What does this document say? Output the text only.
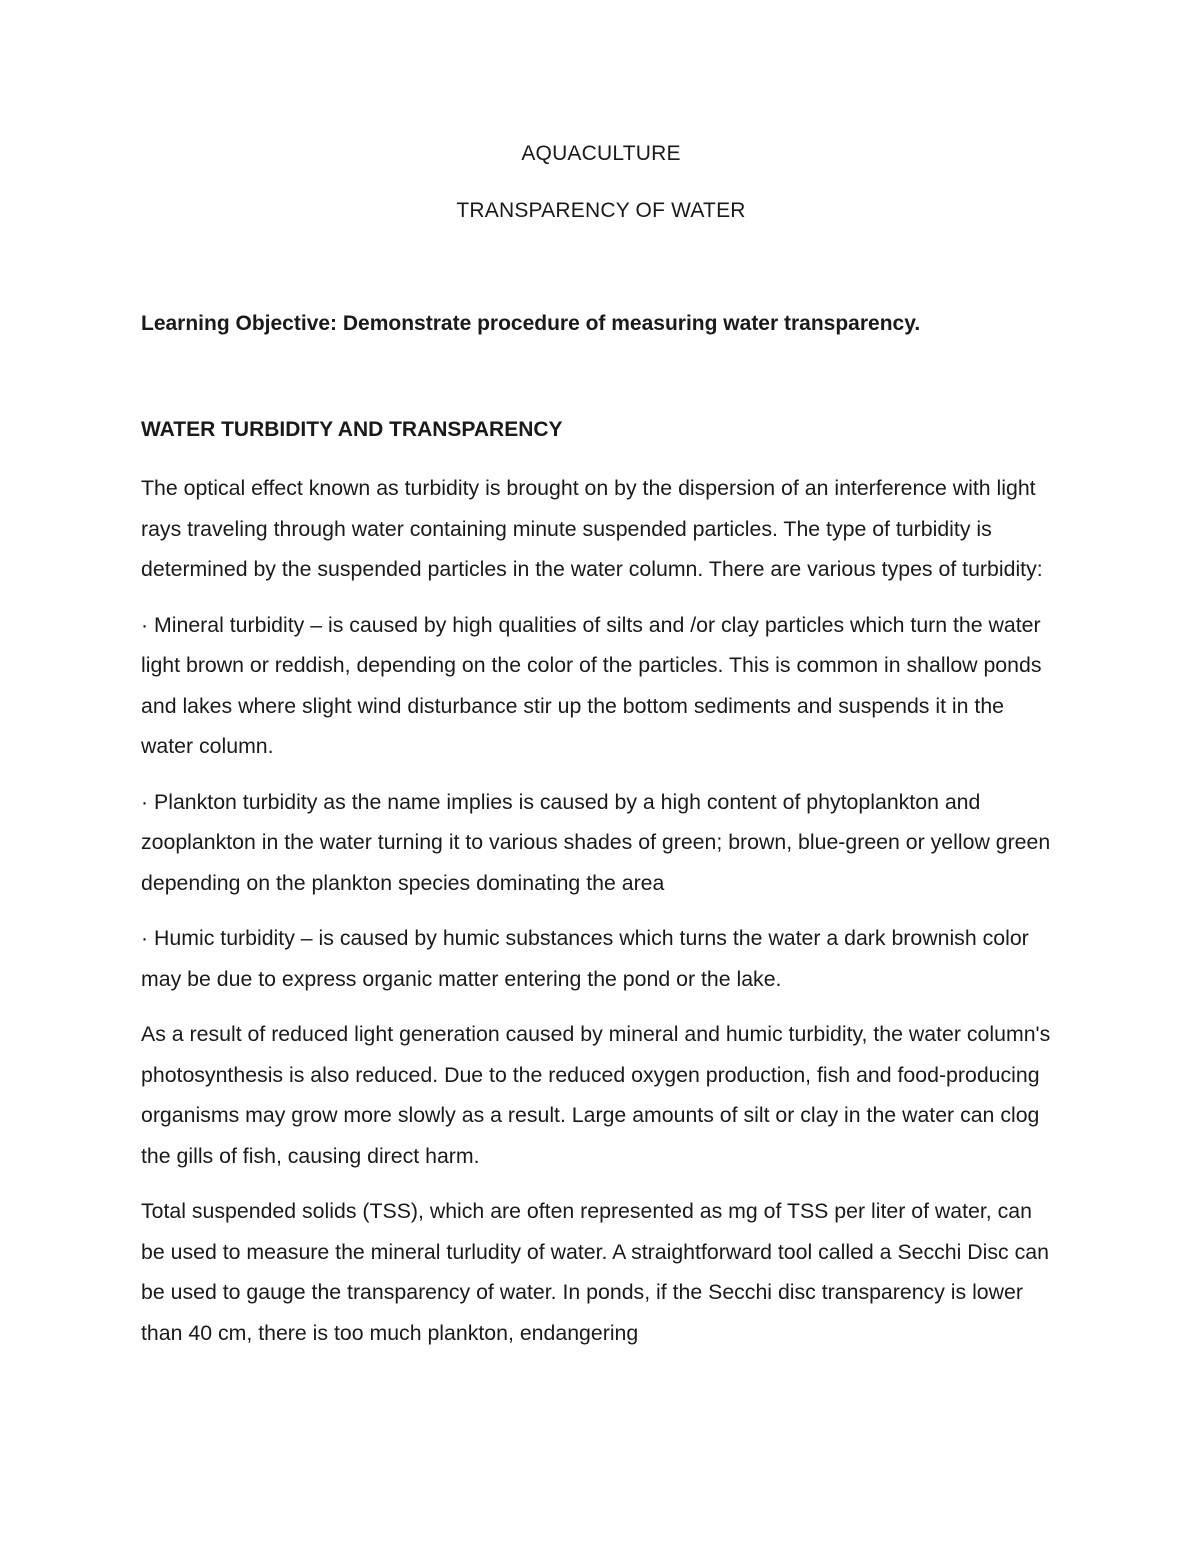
AQUACULTURE

TRANSPARENCY OF WATER

Learning Objective: Demonstrate procedure of measuring water transparency.

WATER TURBIDITY AND TRANSPARENCY

The optical effect known as turbidity is brought on by the dispersion of an interference with light rays traveling through water containing minute suspended particles. The type of turbidity is determined by the suspended particles in the water column. There are various types of turbidity:

· Mineral turbidity – is caused by high qualities of silts and /or clay particles which turn the water light brown or reddish, depending on the color of the particles. This is common in shallow ponds and lakes where slight wind disturbance stir up the bottom sediments and suspends it in the water column.

· Plankton turbidity as the name implies is caused by a high content of phytoplankton and zooplankton in the water turning it to various shades of green; brown, blue-green or yellow green depending on the plankton species dominating the area

· Humic turbidity – is caused by humic substances which turns the water a dark brownish color may be due to express organic matter entering the pond or the lake.

As a result of reduced light generation caused by mineral and humic turbidity, the water column's photosynthesis is also reduced. Due to the reduced oxygen production, fish and food-producing organisms may grow more slowly as a result. Large amounts of silt or clay in the water can clog the gills of fish, causing direct harm.

Total suspended solids (TSS), which are often represented as mg of TSS per liter of water, can be used to measure the mineral turludity of water. A straightforward tool called a Secchi Disc can be used to gauge the transparency of water. In ponds, if the Secchi disc transparency is lower than 40 cm, there is too much plankton, endangering
